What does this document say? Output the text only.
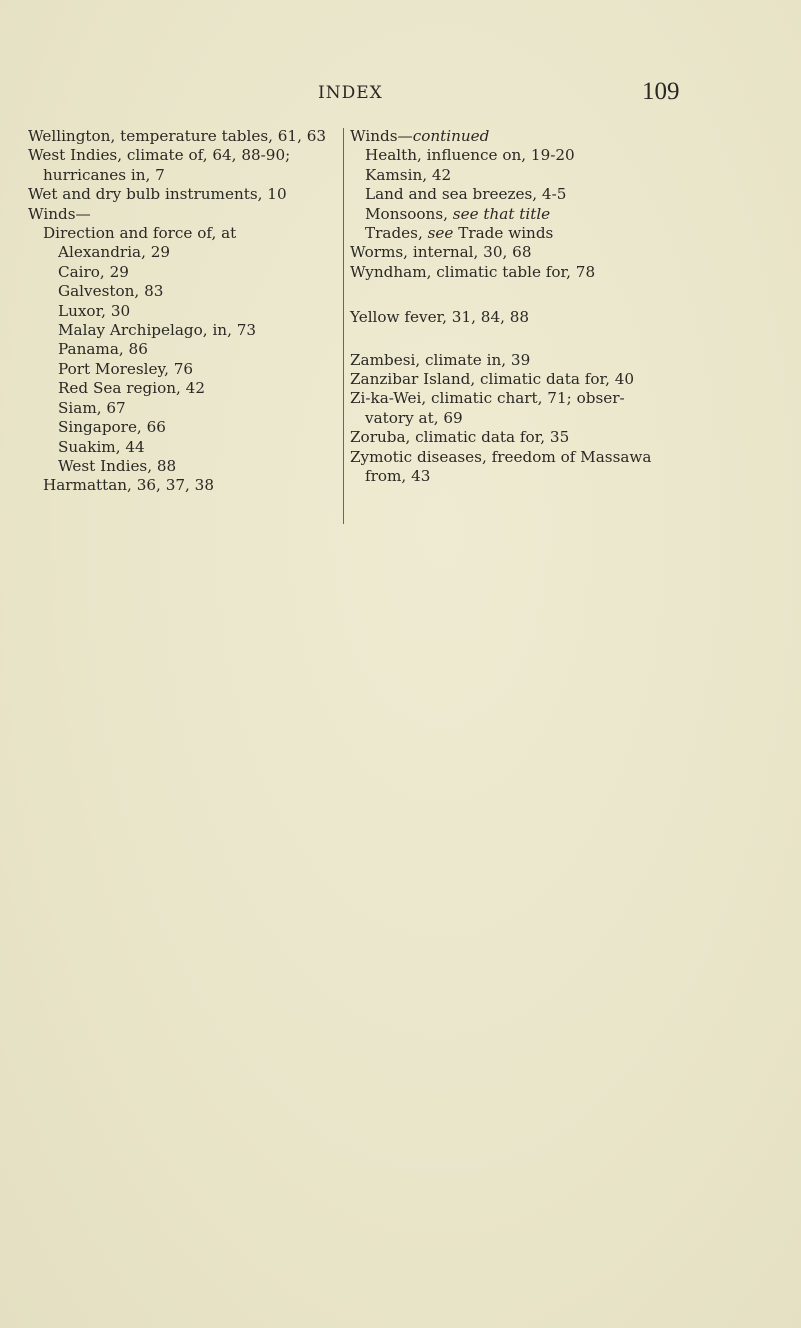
INDEX	109
Wellington, temperature tables, 61, 63
West Indies, climate of, 64, 88-90;
hurricanes in, 7
Wet and dry bulb instruments, 10
Winds—
Direction and force of, at
Alexandria, 29
Cairo, 29
Galveston, 83
Luxor, 30
Malay Archipelago, in, 73
Panama, 86
Port Moresley, 76
Red Sea region, 42
Siam, 67
Singapore, 66
Suakim, 44
West Indies, 88
Harmattan, 36, 37, 38
Winds—continued
Health, influence on, 19-20
Kamsin, 42
Land and sea breezes, 4-5
Monsoons, see that title
Trades, see Trade winds
Worms, internal, 30, 68
Wyndham, climatic table for, 78
Yellow fever, 31, 84, 88
Zambesi, climate in, 39
Zanzibar Island, climatic data for, 40
Zi-ka-Wei, climatic chart, 71; obser-
vatory at, 69
Zoruba, climatic data for, 35
Zymotic diseases, freedom of Massawa
from, 43
